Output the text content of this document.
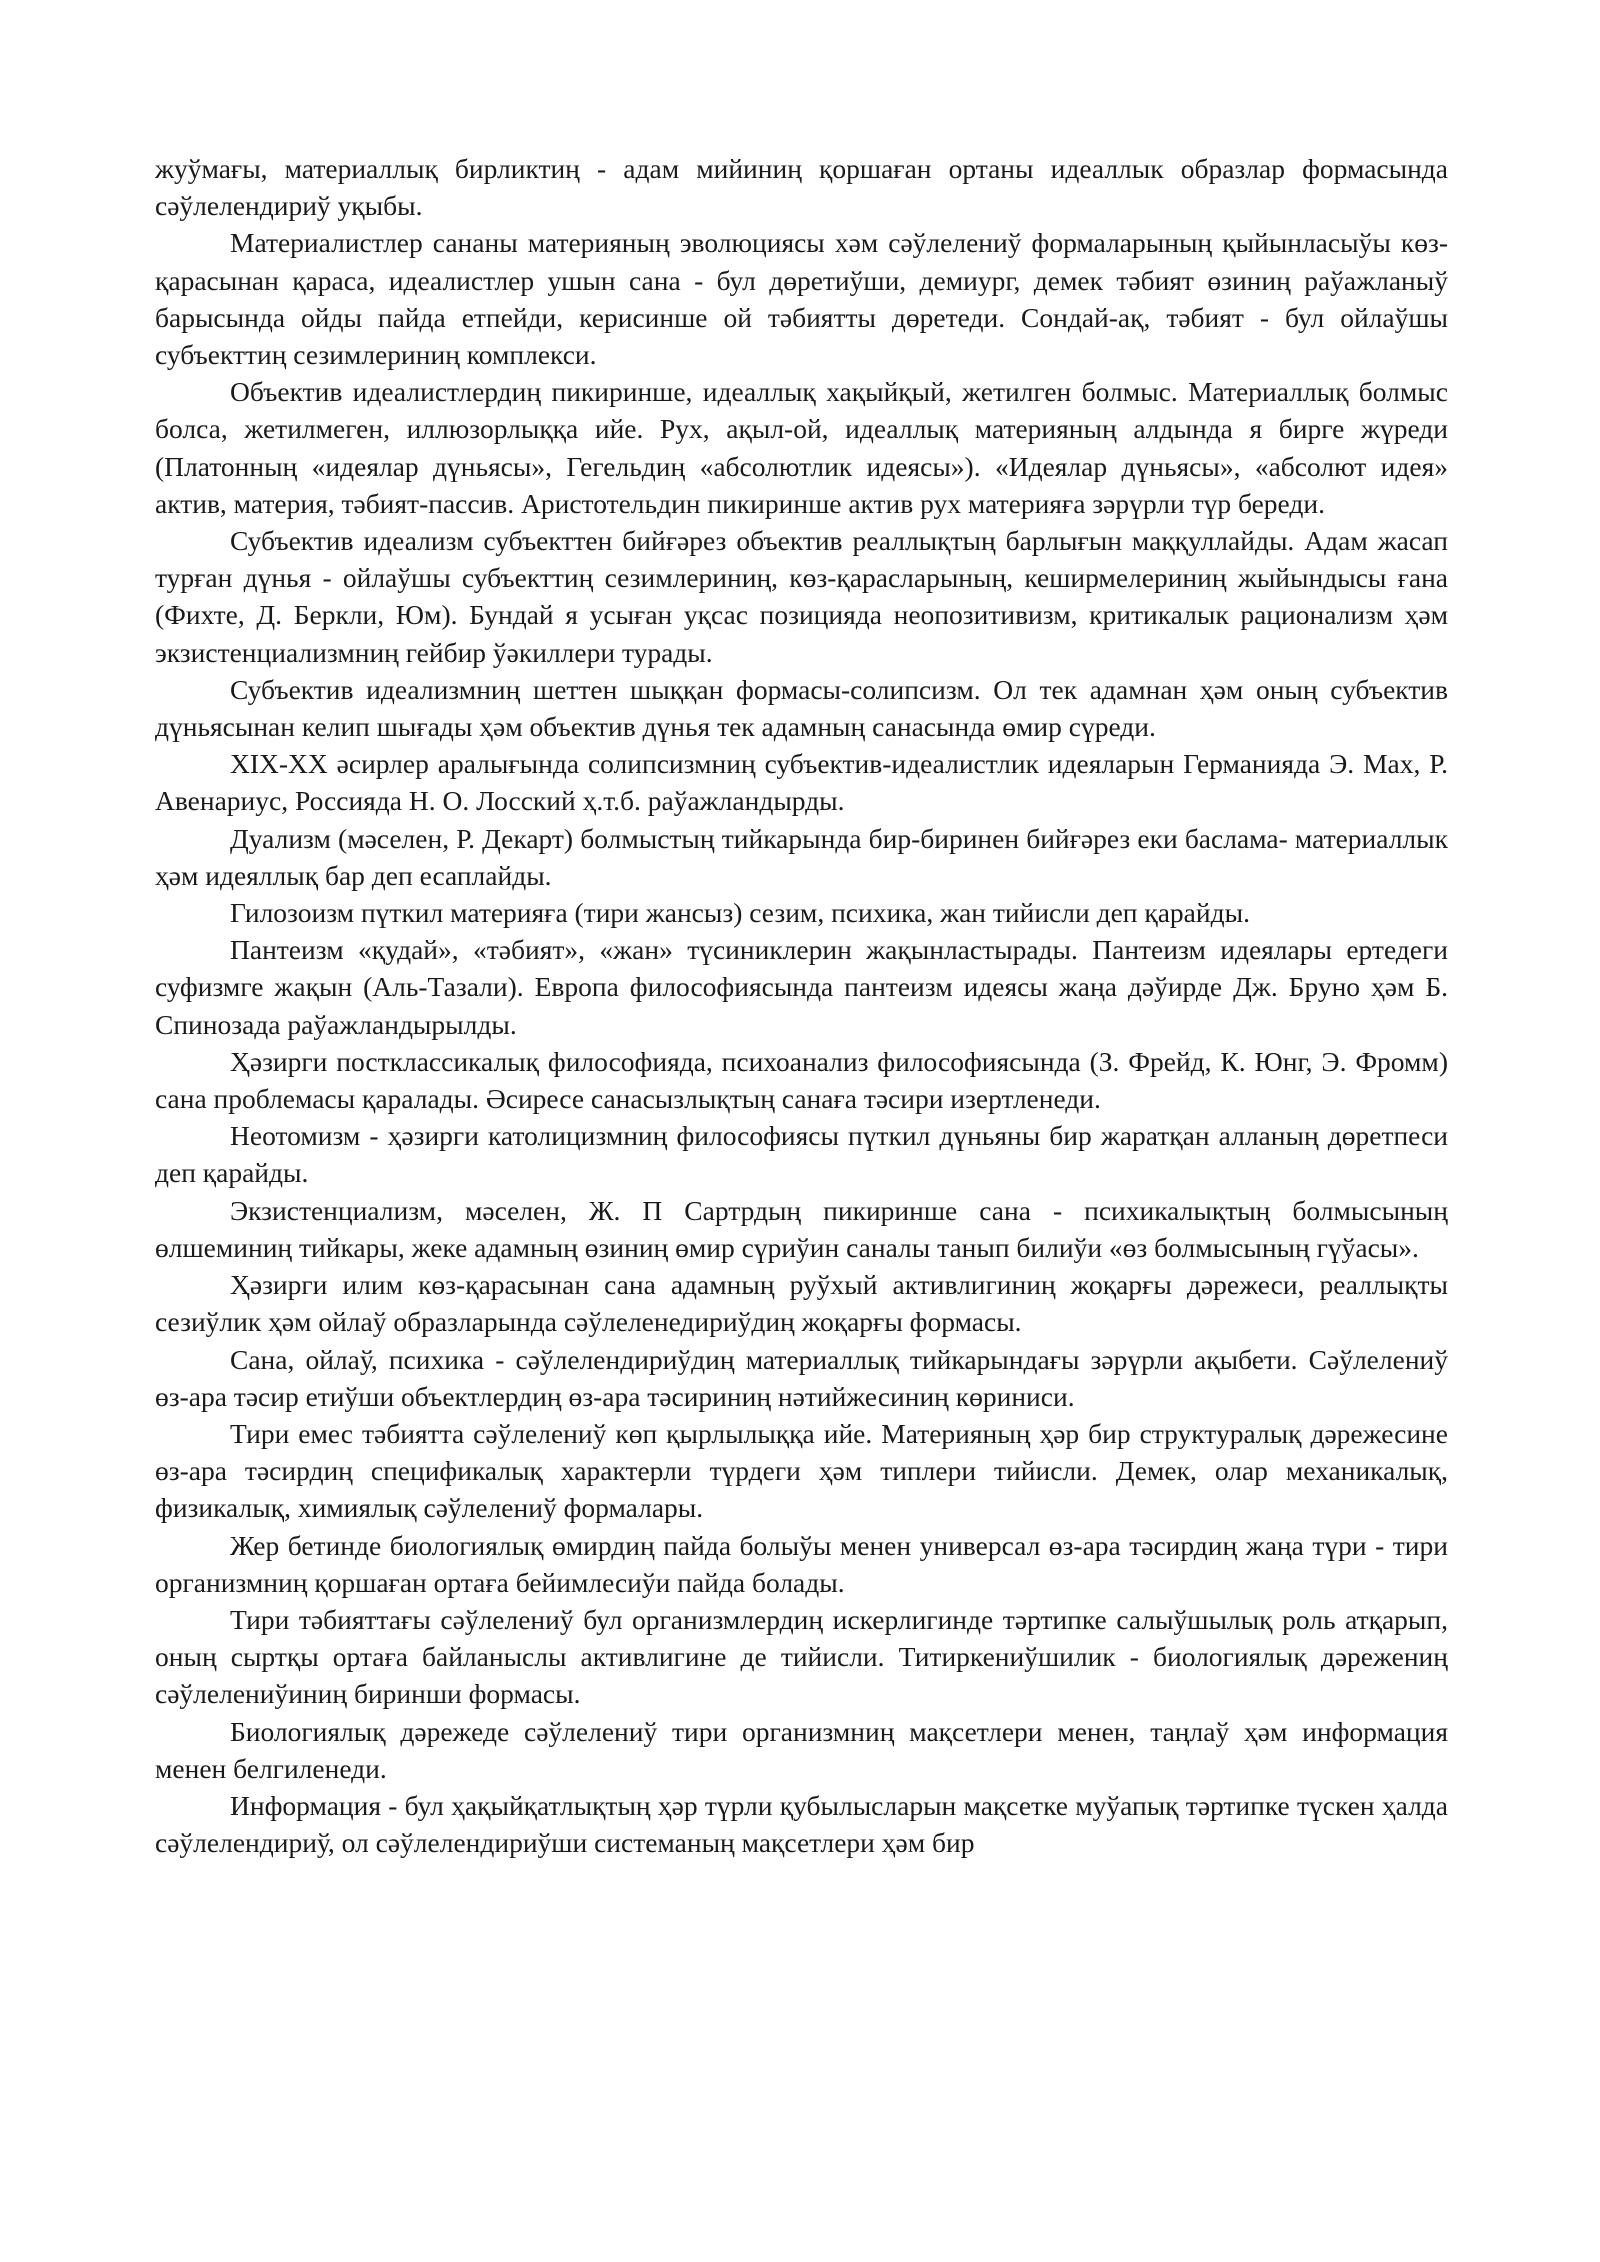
жуўмағы, материаллық бирликтиң - адам мийиниң қоршаған ортаны идеаллык образлар формасында сәўлелендириў уқыбы.

Материалистлер сананы материяның эволюциясы хәм сәўлелениў формаларының қыйынласыўы көз-қарасынан қараса, идеалистлер ушын сана - бул дөретиўши, демиург, демек тәбият өзиниң раўажланыў барысында ойды пайда етпейди, керисинше ой тәбиятты дөретеди. Сондай-ақ, тәбият - бул ойлаўшы субъекттиң сезимлериниң комплекси.

Объектив идеалистлердиң пикиринше, идеаллық хақыйқый, жетилген болмыс. Материаллық болмыс болса, жетилмеген, иллюзорлыққа ийе. Рух, ақыл-ой, идеаллық материяның алдында я бирге жүреди (Платонның «идеялар дүньясы», Гегельдиң «абсолютлик идеясы»). «Идеялар дүньясы», «абсолют идея» актив, материя, тәбият-пассив. Аристотельдин пикиринше актив рух материяға зәрүрли түр береди.

Субъектив идеализм субъекттен бийғәрез объектив реаллықтың барлығын маққуллайды. Адам жасап турған дүнья - ойлаўшы субъекттиң сезимлериниң, көз-қарасларының, кеширмелериниң жыйындысы ғана (Фихте, Д. Беркли, Юм). Бундай я усыған уқсас позицияда неопозитивизм, критикалык рационализм ҳәм экзистенциализмниң гейбир ўәкиллери турады.

Субъектив идеализмниң шеттен шыққан формасы-солипсизм. Ол тек адамнан ҳәм оның субъектив дүньясынан келип шығады ҳәм объектив дүнья тек адамның санасында өмир сүреди.

ХIХ-ХХ әсирлер аралығында солипсизмниң субъектив-идеалистлик идеяларын Германияда Э. Мах, Р. Авенариус, Россияда Н. О. Лосский ҳ.т.б. раўажландырды.

Дуализм (мәселен, Р. Декарт) болмыстың тийкарында бир-биринен бийғәрез еки баслама- материаллык ҳәм идеяллық бар деп есаплайды.

Гилозоизм пүткил материяға (тири жансыз) сезим, психика, жан тийисли деп қарайды.

Пантеизм «қудай», «тәбият», «жан» түсиниклерин жақынластырады. Пантеизм идеялары ертедеги суфизмге жақын (Аль-Тазали). Европа философиясында пантеизм идеясы жаңа дәўирде Дж. Бруно ҳәм Б. Спинозада раўажландырылды.

Ҳәзирги постклассикалық философияда, психоанализ философиясында (З. Фрейд, К. Юнг, Э. Фромм) сана проблемасы қаралады. Әсиресе санасызлықтың санаға тәсири изертленеди.

Неотомизм - ҳәзирги католицизмниң философиясы пүткил дүньяны бир жаратқан алланың дөретпеси деп қарайды.

Экзистенциализм, мәселен, Ж. П Сартрдың пикиринше сана - психикалықтың болмысының өлшеминиң тийкары, жеке адамның өзиниң өмир сүриўин саналы танып билиўи «өз болмысының гүўасы».

Ҳәзирги илим көз-қарасынан сана адамның руўхый активлигиниң жоқарғы дәрежеси, реаллықты сезиўлик ҳәм ойлаў образларында сәўлеленедириўдиң жоқарғы формасы.

Сана, ойлаў, психика - сәўлелендириўдиң материаллық тийкарындағы зәрүрли ақыбети. Сәўлелениў өз-ара тәсир етиўши объектлердиң өз-ара тәсириниң нәтийжесиниң көриниси.

Тири емес тәбиятта сәўлелениў көп қырлылыққа ийе. Материяның ҳәр бир структуралық дәрежесине өз-ара тәсирдиң спецификалық характерли түрдеги ҳәм типлери тийисли. Демек, олар механикалық, физикалық, химиялық сәўлелениў формалары.

Жер бетинде биологиялық өмирдиң пайда болыўы менен универсал өз-ара тәсирдиң жаңа түри - тири организмниң қоршаған ортаға бейимлесиўи пайда болады.

Тири тәбияттағы сәўлелениў бул организмлердиң искерлигинде тәртипке салыўшылық роль атқарып, оның сыртқы ортаға байланыслы активлигине де тийисли. Титиркениўшилик - биологиялық дәрежениң сәўлелениўиниң биринши формасы.

Биологиялық дәрежеде сәўлелениў тири организмниң мақсетлери менен, таңлаў ҳәм информация менен белгиленеди.

Информация - бул ҳақыйқатлықтың ҳәр түрли қубылысларын мақсетке муўапық тәртипке түскен ҳалда сәўлелендириў, ол сәўлелендириўши системаның мақсетлери ҳәм бир
